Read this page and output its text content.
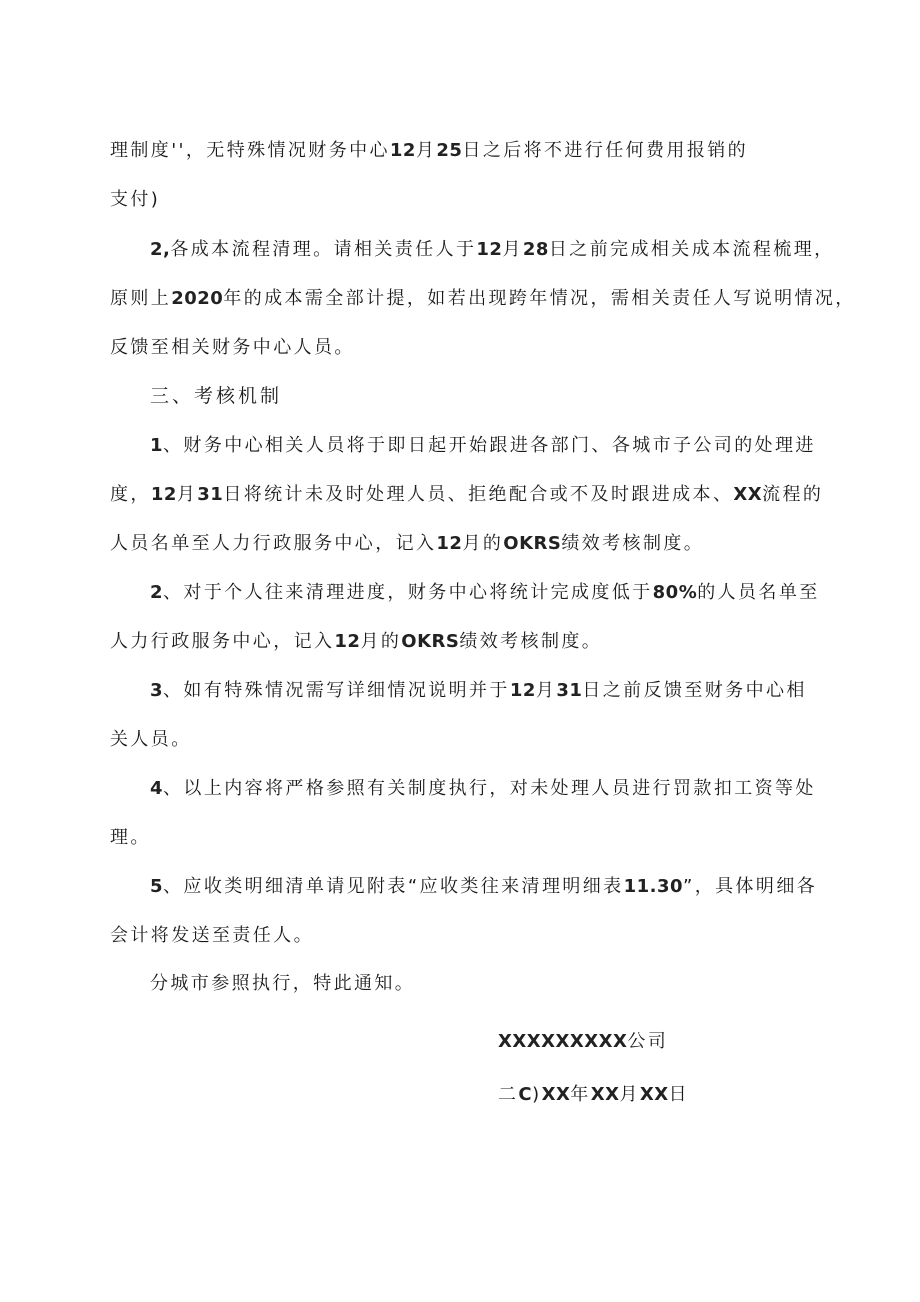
理制度''，无特殊情况财务中心12月25日之后将不进行任何费用报销的
支付)
2,各成本流程清理。请相关责任人于12月28日之前完成相关成本流程梳理，
原则上2020年的成本需全部计提，如若出现跨年情况，需相关责任人写说明情况，
反馈至相关财务中心人员。
三、考核机制
1、财务中心相关人员将于即日起开始跟进各部门、各城市子公司的处理进
度，12月31日将统计未及时处理人员、拒绝配合或不及时跟进成本、XX流程的
人员名单至人力行政服务中心，记入12月的OKRS绩效考核制度。
2、对于个人往来清理进度，财务中心将统计完成度低于80%的人员名单至
人力行政服务中心，记入12月的OKRS绩效考核制度。
3、如有特殊情况需写详细情况说明并于12月31日之前反馈至财务中心相
关人员。
4、以上内容将严格参照有关制度执行，对未处理人员进行罚款扣工资等处
理。
5、应收类明细清单请见附表“应收类往来清理明细表11.30”，具体明细各
会计将发送至责任人。
分城市参照执行，特此通知。
XXXXXXXXX公司
二C)XX年XX月XX日
